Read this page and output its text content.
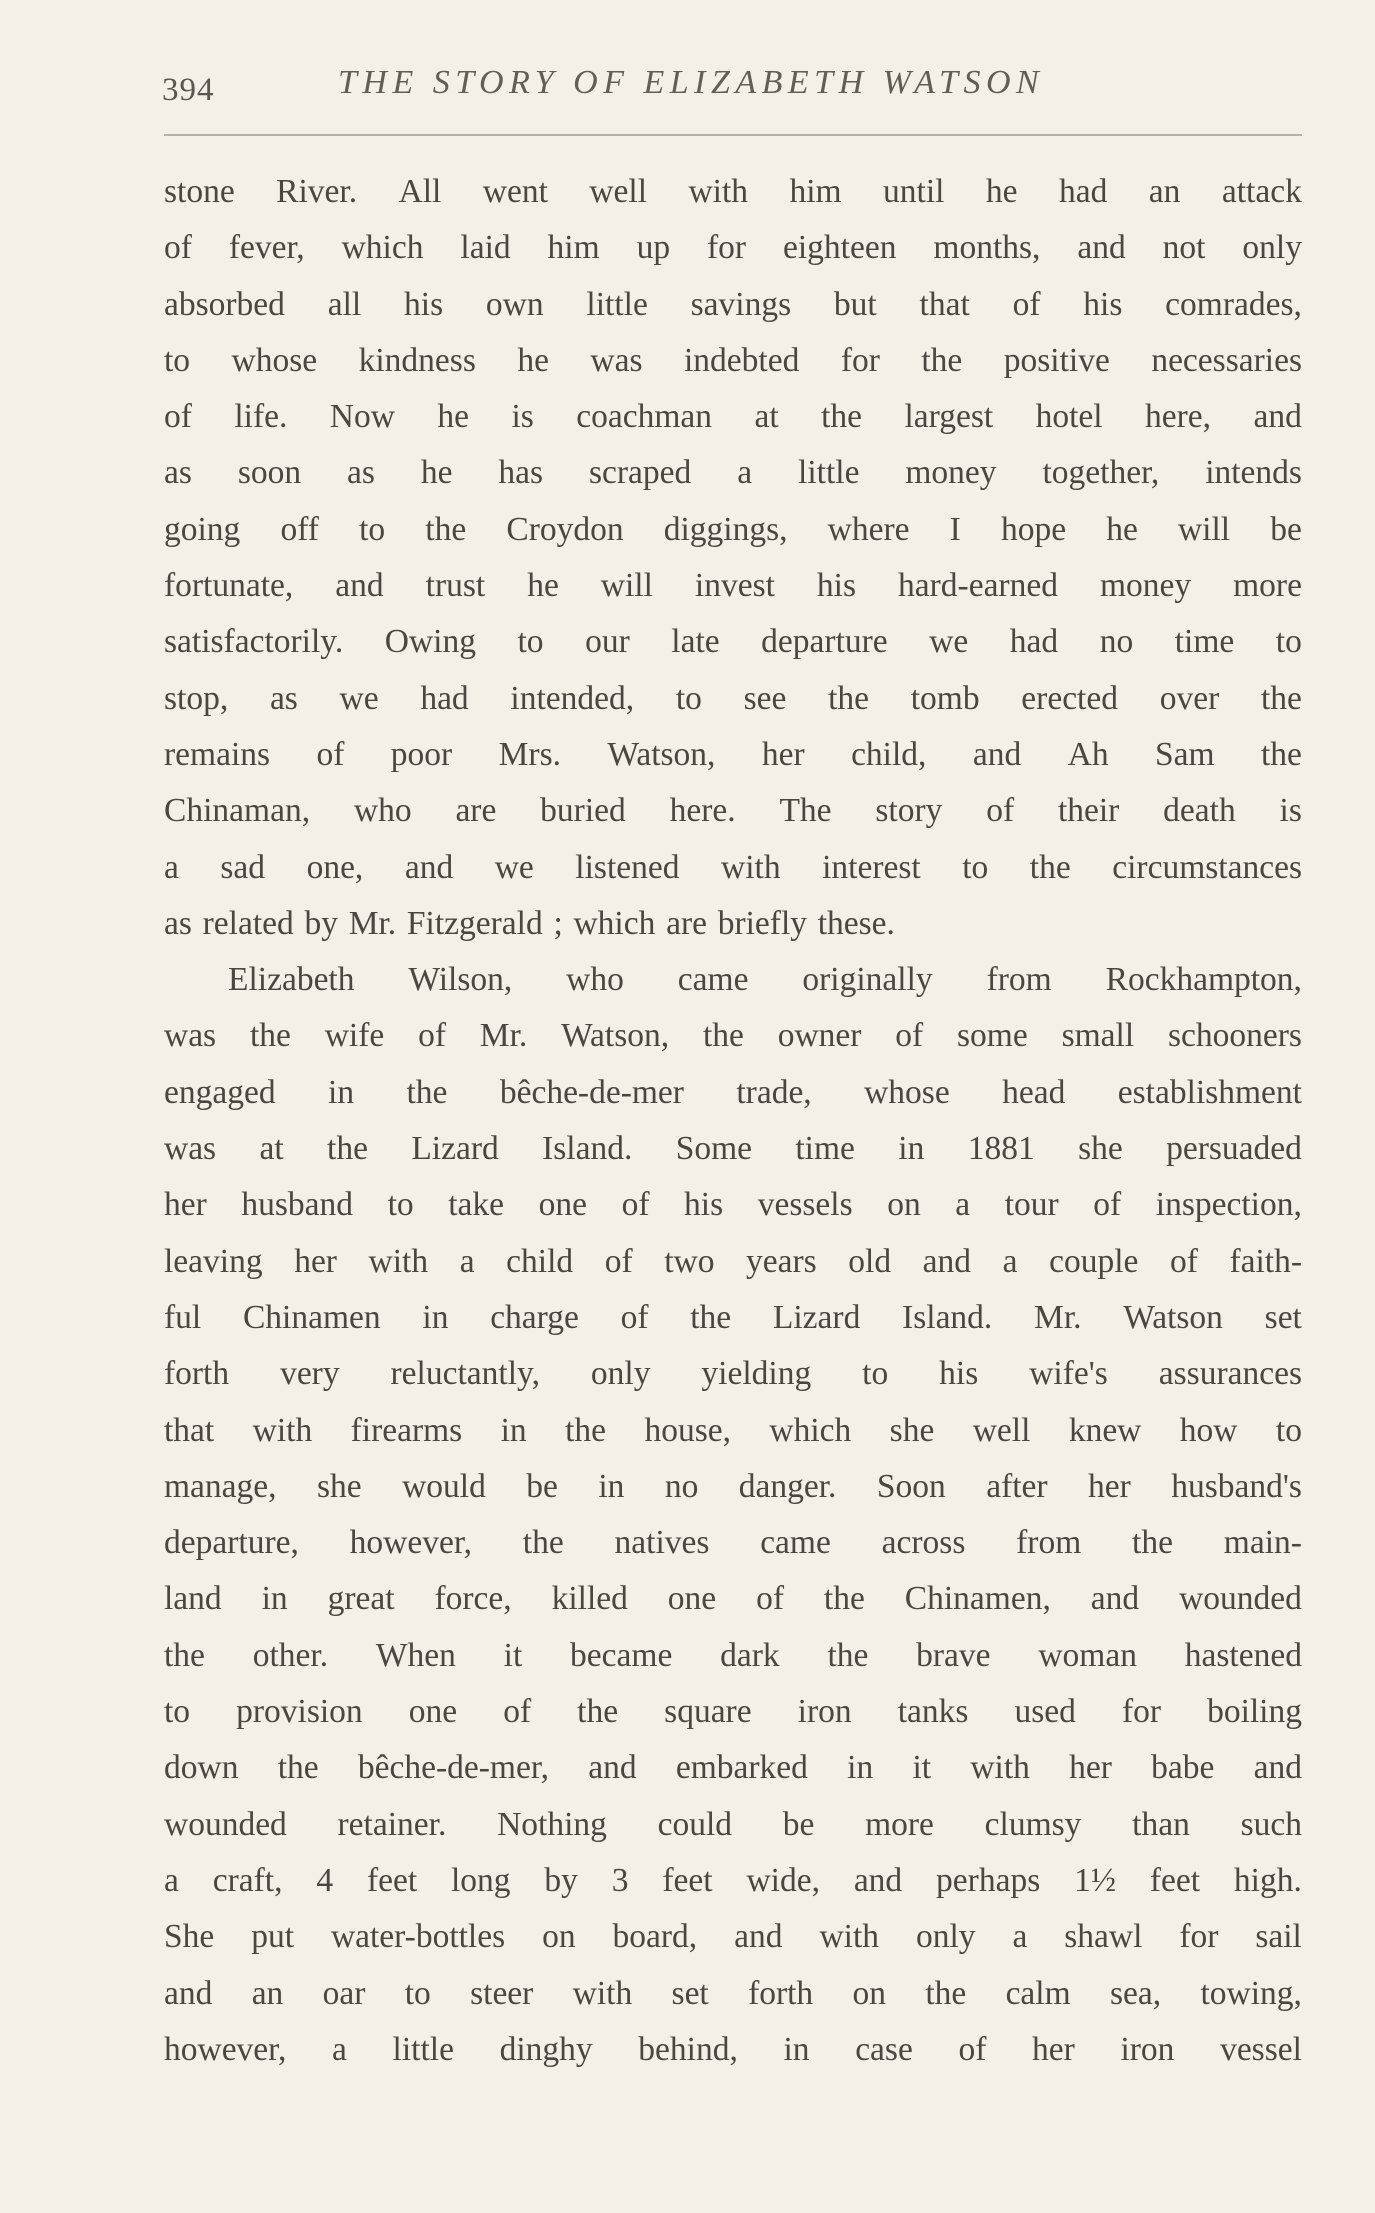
394	THE STORY OF ELIZABETH WATSON
stone River. All went well with him until he had an attack
of fever, which laid him up for eighteen months, and not only
absorbed all his own little savings but that of his comrades,
to whose kindness he was indebted for the positive necessaries
of life. Now he is coachman at the largest hotel here, and
as soon as he has scraped a little money together, intends
going off to the Croydon diggings, where I hope he will be
fortunate, and trust he will invest his hard-earned money more
satisfactorily. Owing to our late departure we had no time to
stop, as we had intended, to see the tomb erected over the
remains of poor Mrs. Watson, her child, and Ah Sam the
Chinaman, who are buried here. The story of their death is
a sad one, and we listened with interest to the circumstances
as related by Mr. Fitzgerald ; which are briefly these.
Elizabeth Wilson, who came originally from Rockhampton,
was the wife of Mr. Watson, the owner of some small schooners
engaged in the bêche-de-mer trade, whose head establishment
was at the Lizard Island. Some time in 1881 she persuaded
her husband to take one of his vessels on a tour of inspection,
leaving her with a child of two years old and a couple of faith-
ful Chinamen in charge of the Lizard Island. Mr. Watson set
forth very reluctantly, only yielding to his wife's assurances
that with firearms in the house, which she well knew how to
manage, she would be in no danger. Soon after her husband's
departure, however, the natives came across from the main-
land in great force, killed one of the Chinamen, and wounded
the other. When it became dark the brave woman hastened
to provision one of the square iron tanks used for boiling
down the bêche-de-mer, and embarked in it with her babe and
wounded retainer. Nothing could be more clumsy than such
a craft, 4 feet long by 3 feet wide, and perhaps 1½ feet high.
She put water-bottles on board, and with only a shawl for sail
and an oar to steer with set forth on the calm sea, towing,
however, a little dinghy behind, in case of her iron vessel
